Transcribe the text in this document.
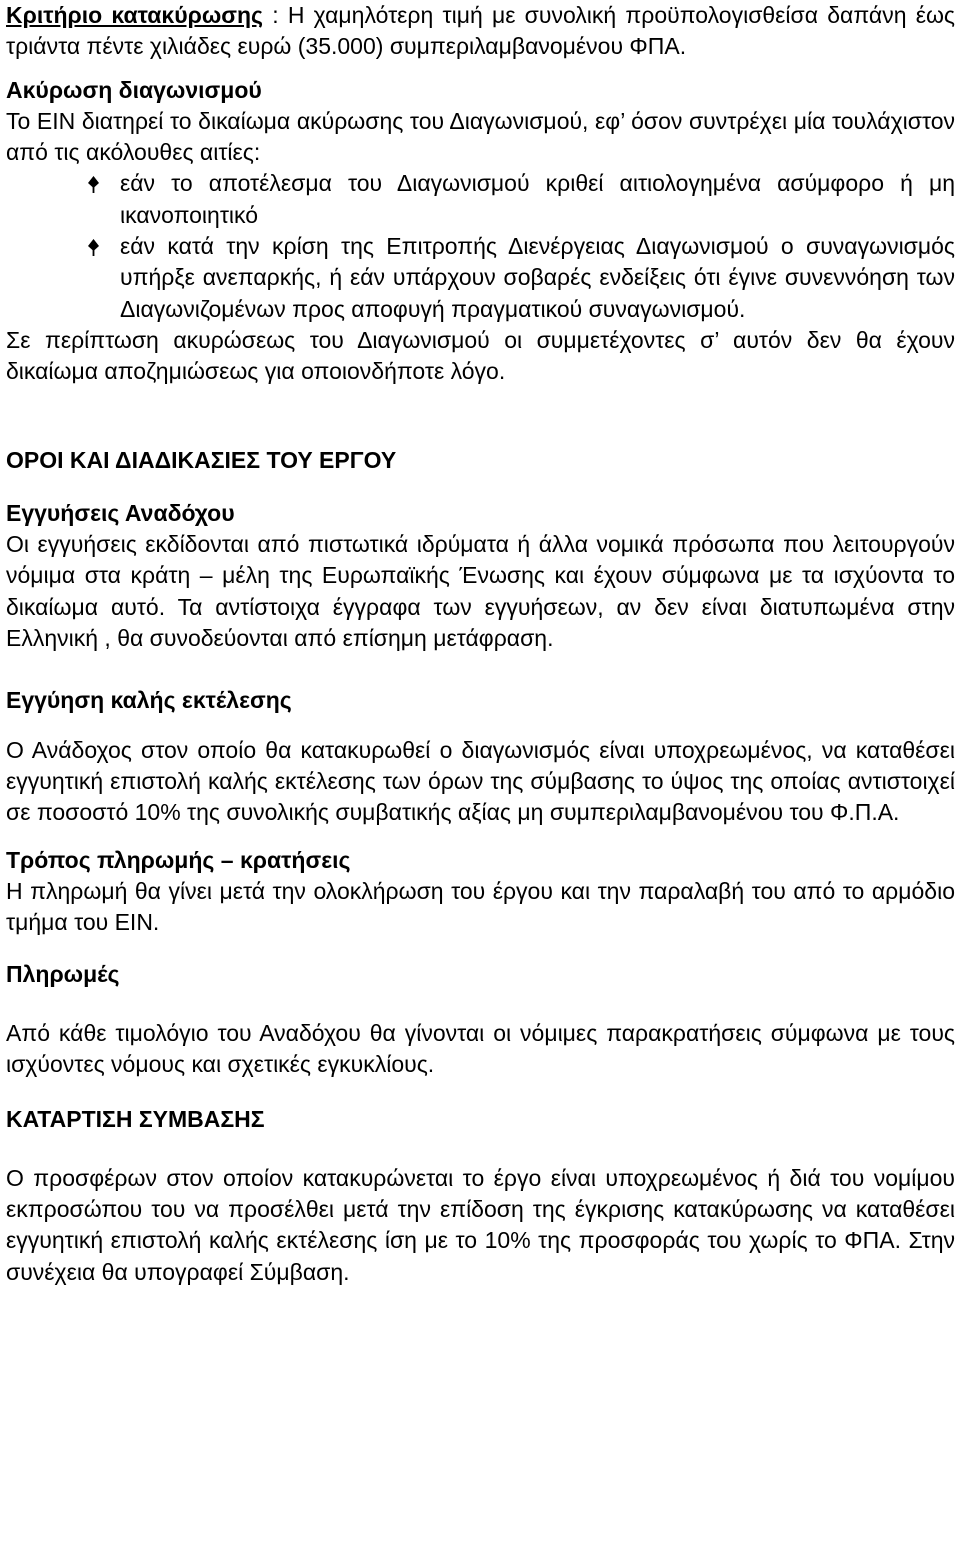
Κριτήριο κατακύρωσης : Η χαμηλότερη τιμή με συνολική προϋπολογισθείσα δαπάνη έως τριάντα πέντε χιλιάδες ευρώ (35.000) συμπεριλαμβανομένου ΦΠΑ.

Ακύρωση διαγωνισμού

Το ΕΙΝ διατηρεί το δικαίωμα ακύρωσης του Διαγωνισμού, εφ’ όσον συντρέχει μία τουλάχιστον από τις ακόλουθες αιτίες:

εάν το αποτέλεσμα του Διαγωνισμού κριθεί αιτιολογημένα ασύμφορο ή μη ικανοποιητικό
εάν κατά την κρίση της Επιτροπής Διενέργειας Διαγωνισμού ο συναγωνισμός υπήρξε ανεπαρκής, ή εάν υπάρχουν σοβαρές ενδείξεις ότι έγινε συνεννόηση των Διαγωνιζομένων προς αποφυγή πραγματικού συναγωνισμού.

Σε περίπτωση ακυρώσεως του Διαγωνισμού οι συμμετέχοντες σ’ αυτόν δεν θα έχουν δικαίωμα αποζημιώσεως για οποιονδήποτε λόγο.

ΟΡΟΙ ΚΑΙ ΔΙΑΔΙΚΑΣΙΕΣ ΤΟΥ ΕΡΓΟΥ

Εγγυήσεις Αναδόχου

Οι εγγυήσεις εκδίδονται από πιστωτικά ιδρύματα ή άλλα νομικά πρόσωπα που λειτουργούν νόμιμα στα κράτη – μέλη της Ευρωπαϊκής Ένωσης και έχουν σύμφωνα με τα ισχύοντα το δικαίωμα αυτό. Τα αντίστοιχα έγγραφα των εγγυήσεων, αν δεν είναι διατυπωμένα στην Ελληνική , θα συνοδεύονται από επίσημη μετάφραση.

Εγγύηση καλής εκτέλεσης

Ο Ανάδοχος στον οποίο θα κατακυρωθεί ο διαγωνισμός είναι υποχρεωμένος, να καταθέσει εγγυητική επιστολή καλής εκτέλεσης των όρων της σύμβασης το ύψος της οποίας αντιστοιχεί σε ποσοστό 10% της συνολικής συμβατικής αξίας μη συμπεριλαμβανομένου του Φ.Π.Α.

Τρόπος πληρωμής – κρατήσεις

Η πληρωμή θα γίνει μετά την ολοκλήρωση του έργου και την παραλαβή του από το αρμόδιο τμήμα του ΕΙΝ.

Πληρωμές

Από κάθε τιμολόγιο του Αναδόχου θα γίνονται οι νόμιμες παρακρατήσεις σύμφωνα με τους ισχύοντες νόμους και σχετικές εγκυκλίους.

ΚΑΤΑΡΤΙΣΗ ΣΥΜΒΑΣΗΣ

Ο προσφέρων στον οποίον κατακυρώνεται το έργο είναι υποχρεωμένος ή διά του νομίμου εκπροσώπου του να προσέλθει μετά την επίδοση της έγκρισης κατακύρωσης να καταθέσει εγγυητική επιστολή καλής εκτέλεσης ίση με το 10% της προσφοράς του χωρίς το ΦΠΑ. Στην συνέχεια θα υπογραφεί Σύμβαση.
